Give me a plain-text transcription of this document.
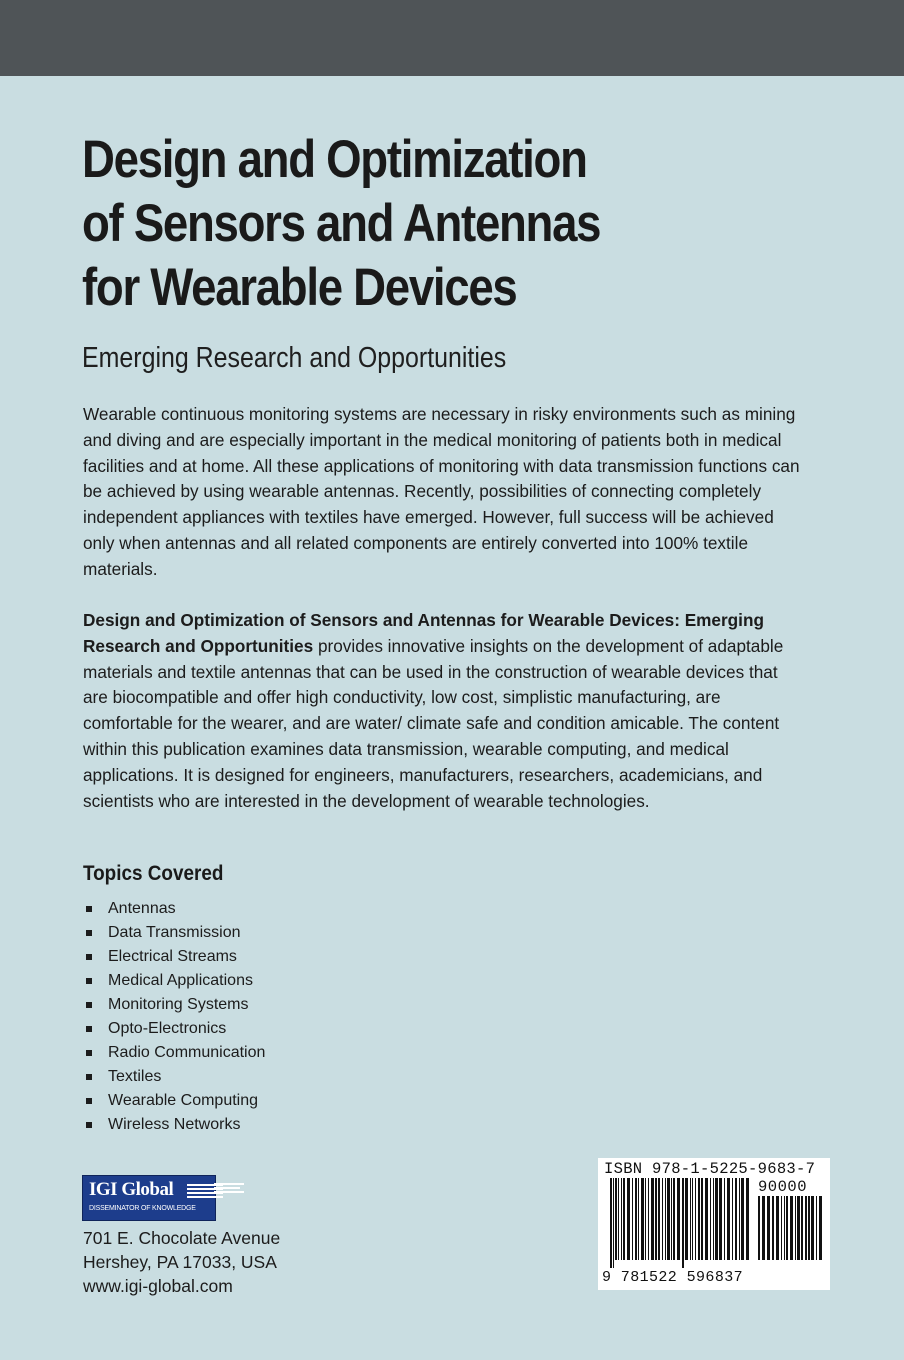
Design and Optimization
of Sensors and Antennas
for Wearable Devices
Emerging Research and Opportunities

Wearable continuous monitoring systems are necessary in risky environments such as mining and diving and are especially important in the medical monitoring of patients both in medical facilities and at home. All these applications of monitoring with data transmission functions can be achieved by using wearable antennas. Recently, possibilities of connecting completely independent appliances with textiles have emerged. However, full success will be achieved only when antennas and all related components are entirely converted into 100% textile materials.

Design and Optimization of Sensors and Antennas for Wearable Devices: Emerging Research and Opportunities provides innovative insights on the development of adaptable materials and textile antennas that can be used in the construction of wearable devices that are biocompatible and offer high conductivity, low cost, simplistic manufacturing, are comfortable for the wearer, and are water/ climate safe and condition amicable. The content within this publication examines data transmission, wearable computing, and medical applications. It is designed for engineers, manufacturers, researchers, academicians, and scientists who are interested in the development of wearable technologies.

Topics Covered
Antennas
Data Transmission
Electrical Streams
Medical Applications
Monitoring Systems
Opto-Electronics
Radio Communication
Textiles
Wearable Computing
Wireless Networks
IGI Global
DISSEMINATOR OF KNOWLEDGE
701 E. Chocolate Avenue
Hershey, PA 17033, USA
www.igi-global.com
ISBN 978-1-5225-9683-7
90000
9 781522 596837
